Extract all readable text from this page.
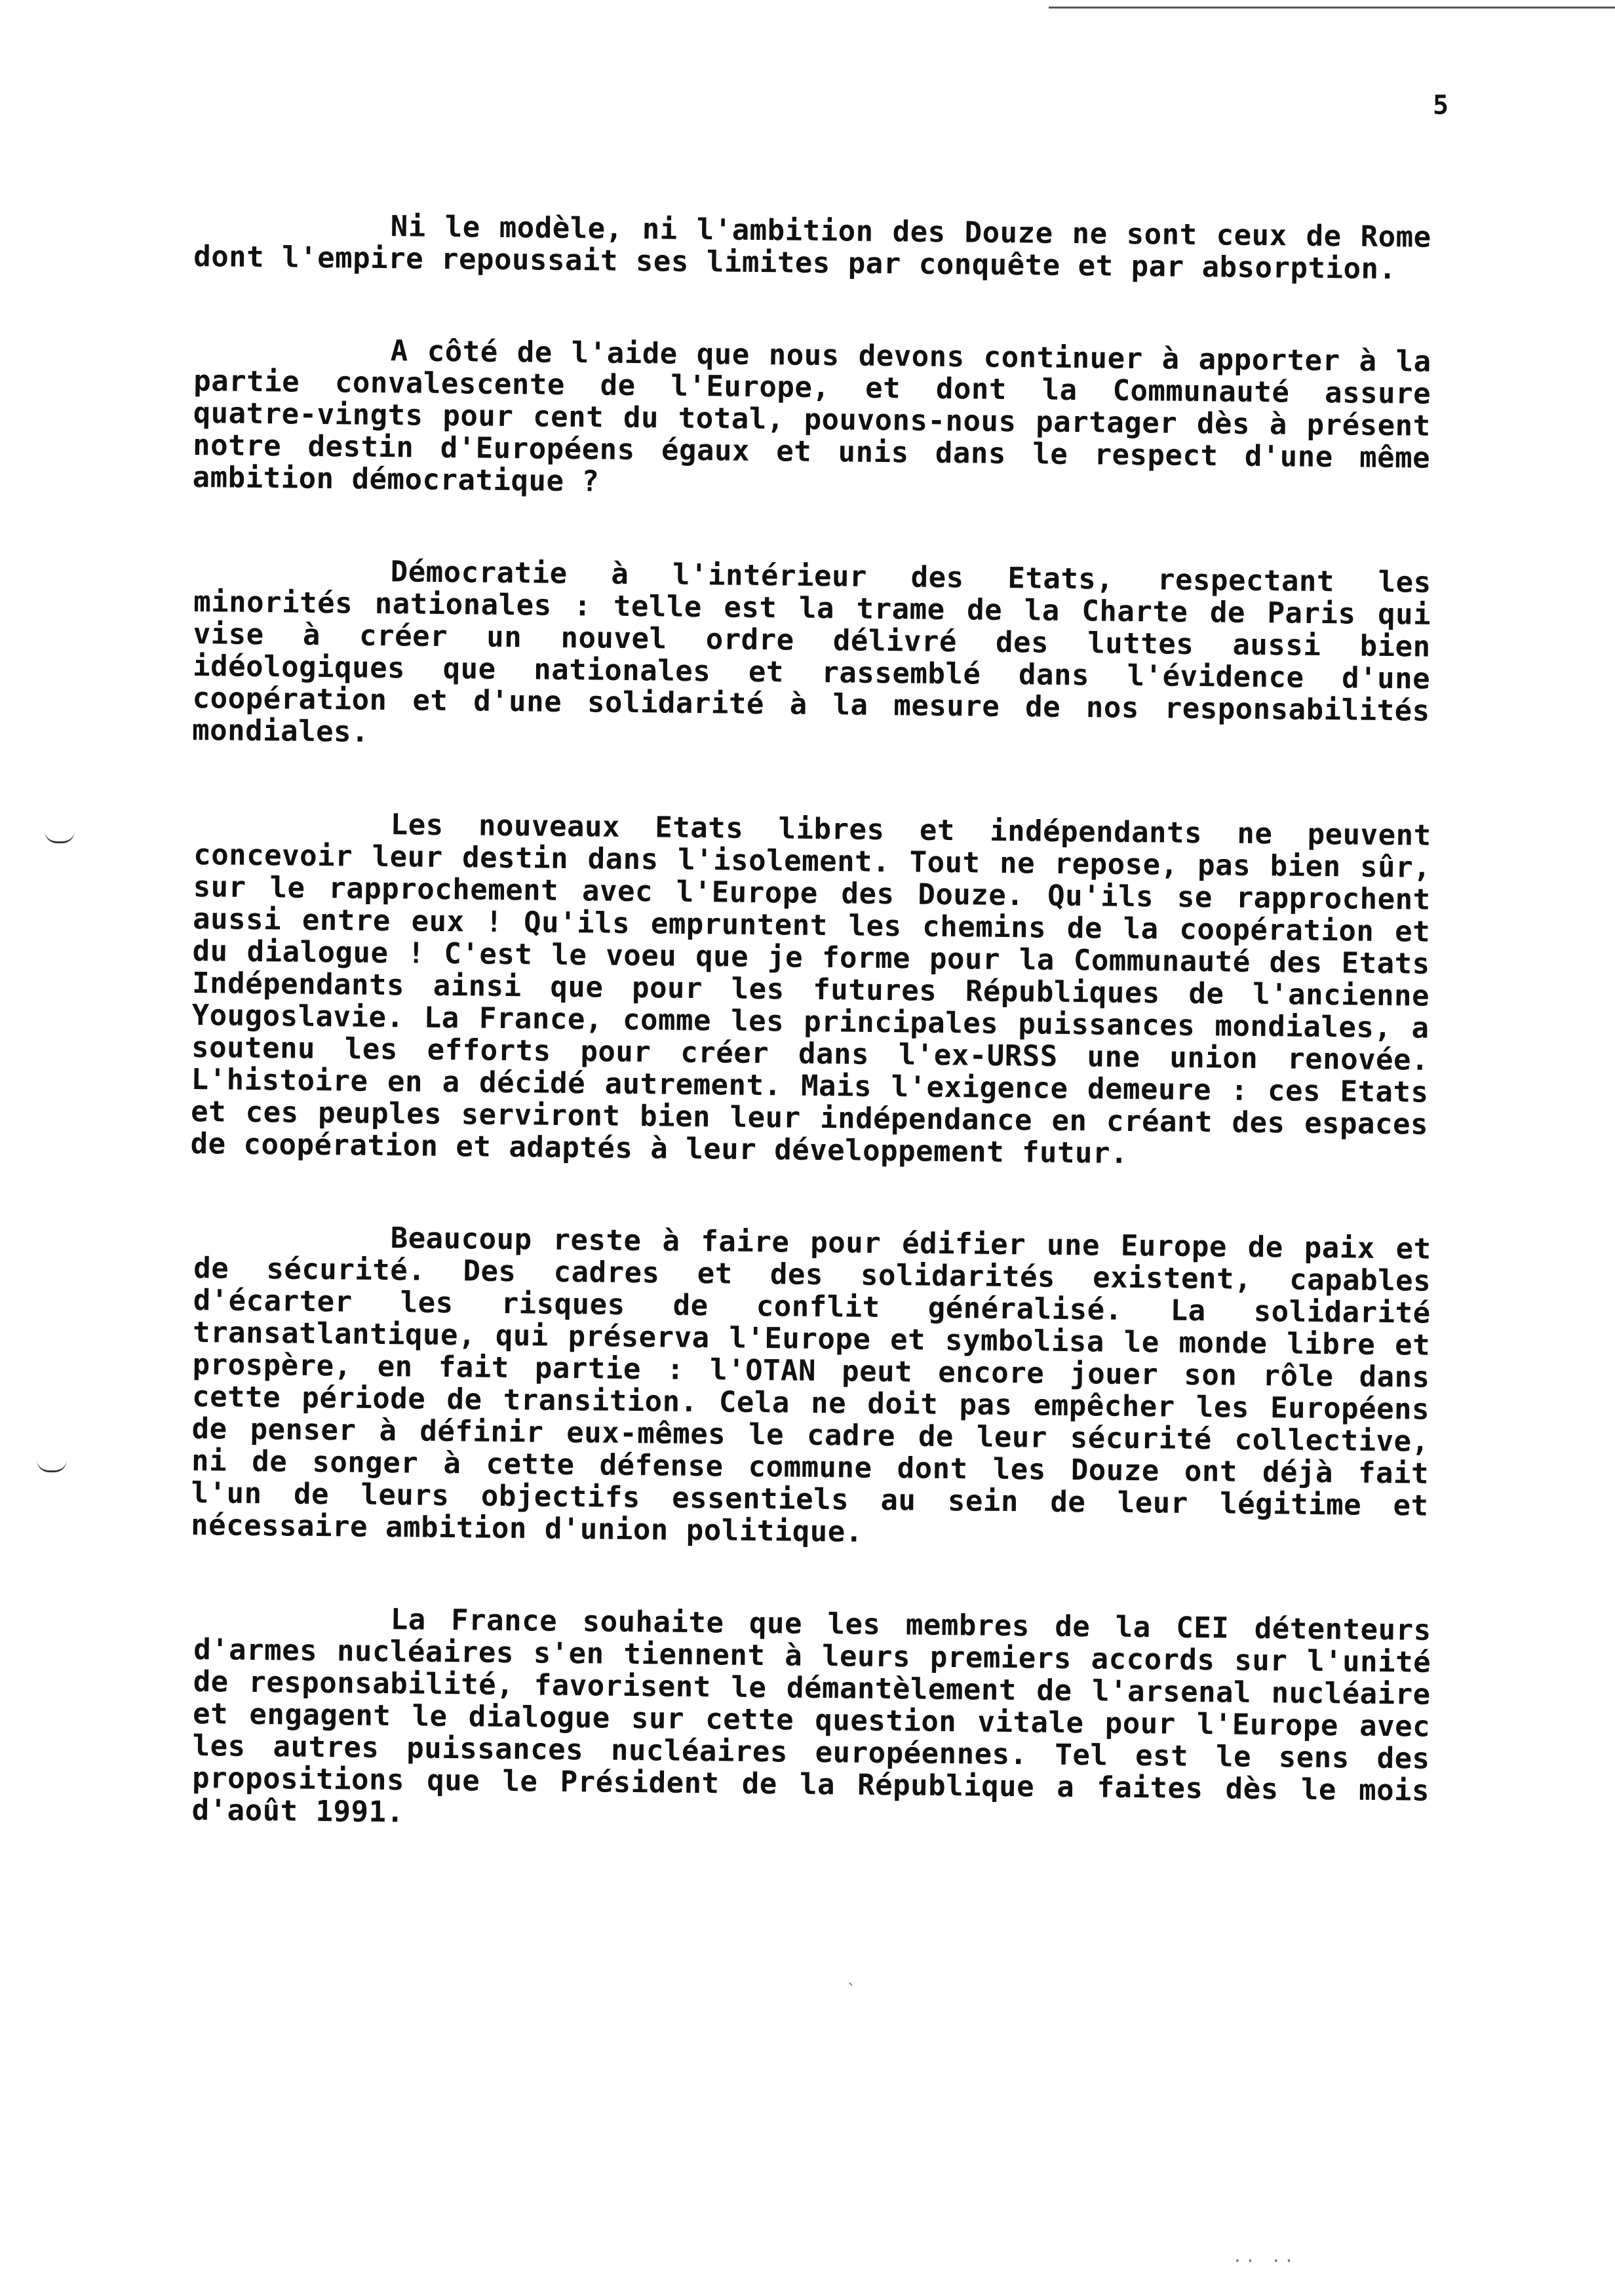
5

Ni le modèle, ni l'ambition des Douze ne sont ceux de Rome dont l'empire repoussait ses limites par conquête et par absorption.

A côté de l'aide que nous devons continuer à apporter à la partie convalescente de l'Europe, et dont la Communauté assure quatre-vingts pour cent du total, pouvons-nous partager dès à présent notre destin d'Européens égaux et unis dans le respect d'une même ambition démocratique ?

Démocratie à l'intérieur des Etats, respectant les minorités nationales : telle est la trame de la Charte de Paris qui vise à créer un nouvel ordre délivré des luttes aussi bien idéologiques que nationales et rassemblé dans l'évidence d'une coopération et d'une solidarité à la mesure de nos responsabilités mondiales.

Les nouveaux Etats libres et indépendants ne peuvent concevoir leur destin dans l'isolement. Tout ne repose, pas bien sûr, sur le rapprochement avec l'Europe des Douze. Qu'ils se rapprochent aussi entre eux ! Qu'ils empruntent les chemins de la coopération et du dialogue ! C'est le voeu que je forme pour la Communauté des Etats Indépendants ainsi que pour les futures Républiques de l'ancienne Yougoslavie. La France, comme les principales puissances mondiales, a soutenu les efforts pour créer dans l'ex-URSS une union renovée. L'histoire en a décidé autrement. Mais l'exigence demeure : ces Etats et ces peuples serviront bien leur indépendance en créant des espaces de coopération et adaptés à leur développement futur.

Beaucoup reste à faire pour édifier une Europe de paix et de sécurité. Des cadres et des solidarités existent, capables d'écarter les risques de conflit généralisé. La solidarité transatlantique, qui préserva l'Europe et symbolisa le monde libre et prospère, en fait partie : l'OTAN peut encore jouer son rôle dans cette période de transition. Cela ne doit pas empêcher les Européens de penser à définir eux-mêmes le cadre de leur sécurité collective, ni de songer à cette défense commune dont les Douze ont déjà fait l'un de leurs objectifs essentiels au sein de leur légitime et nécessaire ambition d'union politique.

La France souhaite que les membres de la CEI détenteurs d'armes nucléaires s'en tiennent à leurs premiers accords sur l'unité de responsabilité, favorisent le démantèlement de l'arsenal nucléaire et engagent le dialogue sur cette question vitale pour l'Europe avec les autres puissances nucléaires européennes. Tel est le sens des propositions que le Président de la République a faites dès le mois d'août 1991.

ˎ
·· ··
